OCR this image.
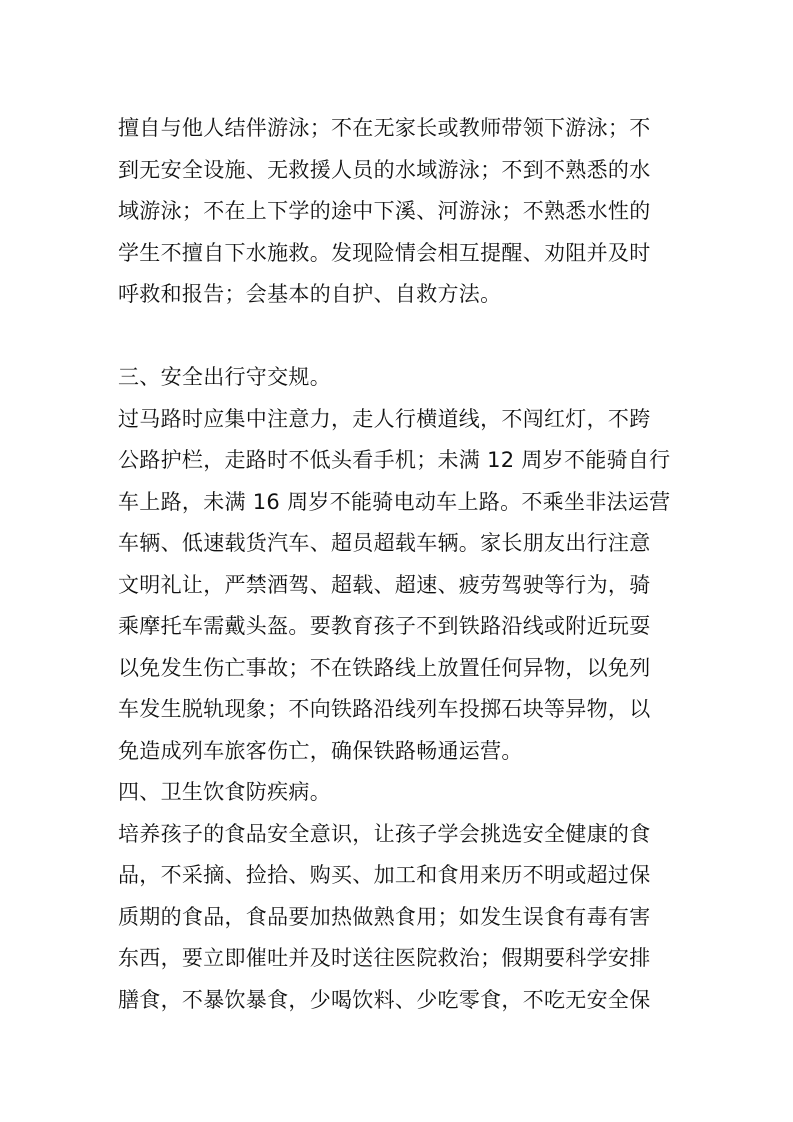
擅自与他人结伴游泳；不在无家长或教师带领下游泳；不
到无安全设施、无救援人员的水域游泳；不到不熟悉的水
域游泳；不在上下学的途中下溪、河游泳；不熟悉水性的
学生不擅自下水施救。发现险情会相互提醒、劝阻并及时
呼救和报告；会基本的自护、自救方法。
三、安全出行守交规。
过马路时应集中注意力，走人行横道线，不闯红灯，不跨
公路护栏，走路时不低头看手机；未满 12 周岁不能骑自行
车上路，未满 16 周岁不能骑电动车上路。不乘坐非法运营
车辆、低速载货汽车、超员超载车辆。家长朋友出行注意
文明礼让，严禁酒驾、超载、超速、疲劳驾驶等行为，骑
乘摩托车需戴头盔。要教育孩子不到铁路沿线或附近玩耍
以免发生伤亡事故；不在铁路线上放置任何异物，以免列
车发生脱轨现象；不向铁路沿线列车投掷石块等异物，以
免造成列车旅客伤亡，确保铁路畅通运营。
四、卫生饮食防疾病。
培养孩子的食品安全意识，让孩子学会挑选安全健康的食
品，不采摘、捡拾、购买、加工和食用来历不明或超过保
质期的食品，食品要加热做熟食用；如发生误食有毒有害
东西，要立即催吐并及时送往医院救治；假期要科学安排
膳食，不暴饮暴食，少喝饮料、少吃零食，不吃无安全保
